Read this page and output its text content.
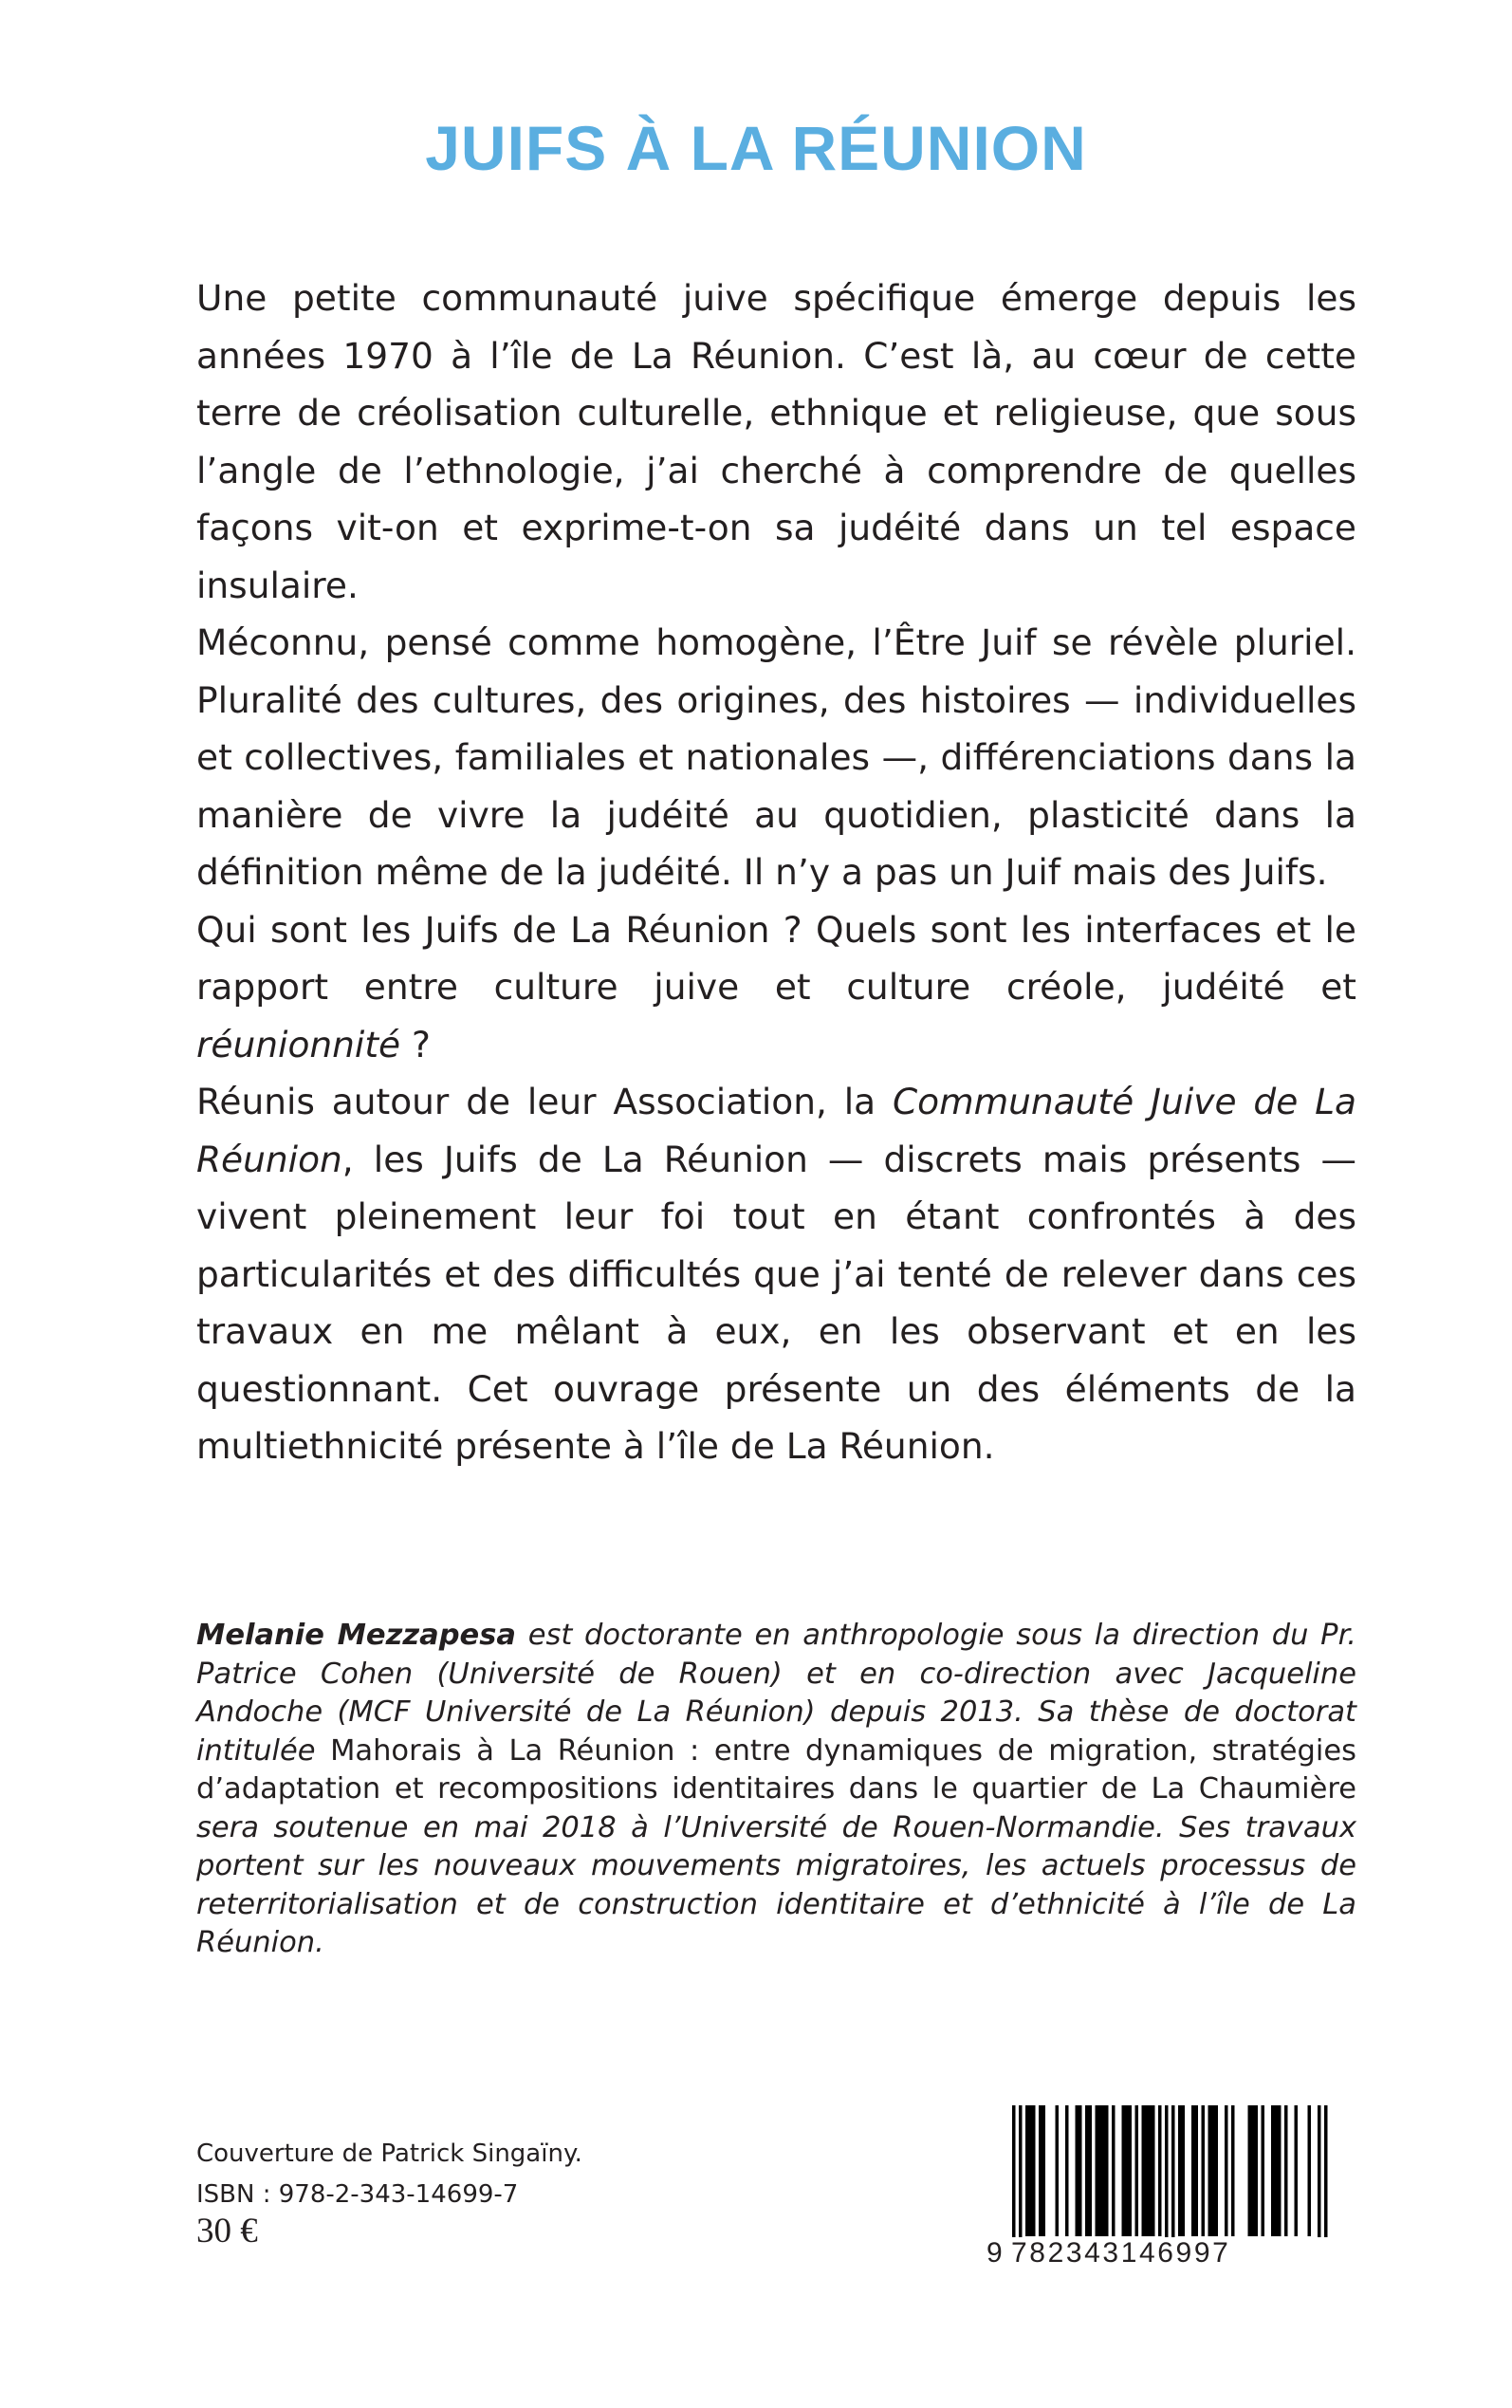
JUIFS À LA RÉUNION

Une petite communauté juive spécifique émerge depuis les années 1970 à l’île de La Réunion. C’est là, au cœur de cette terre de créolisation culturelle, ethnique et religieuse, que sous l’angle de l’ethnologie, j’ai cherché à comprendre de quelles façons vit-on et exprime-t-on sa judéité dans un tel espace insulaire.

Méconnu, pensé comme homogène, l’Être Juif se révèle pluriel. Pluralité des cultures, des origines, des histoires — individuelles et collectives, familiales et nationales —, différenciations dans la manière de vivre la judéité au quotidien, plasticité dans la définition même de la judéité. Il n’y a pas un Juif mais des Juifs.

Qui sont les Juifs de La Réunion ? Quels sont les interfaces et le rapport entre culture juive et culture créole, judéité et réunionnité ?

Réunis autour de leur Association, la Communauté Juive de La Réunion, les Juifs de La Réunion — discrets mais présents — vivent pleinement leur foi tout en étant confrontés à des particularités et des difficultés que j’ai tenté de relever dans ces travaux en me mêlant à eux, en les observant et en les questionnant. Cet ouvrage présente un des éléments de la multiethnicité présente à l’île de La Réunion.

Melanie Mezzapesa est doctorante en anthropologie sous la direction du Pr. Patrice Cohen (Université de Rouen) et en co-direction avec Jacqueline Andoche (MCF Université de La Réunion) depuis 2013. Sa thèse de doctorat intitulée Mahorais à La Réunion : entre dynamiques de migration, stratégies d’adaptation et recompositions identitaires dans le quartier de La Chaumière sera soutenue en mai 2018 à l’Université de Rouen-Normandie. Ses travaux portent sur les nouveaux mouvements migratoires, les actuels processus de reterritorialisation et de construction identitaire et d’ethnicité à l’île de La Réunion.

Couverture de Patrick Singaïny.

ISBN : 978-2-343-14699-7

30 €

9 782343146997
